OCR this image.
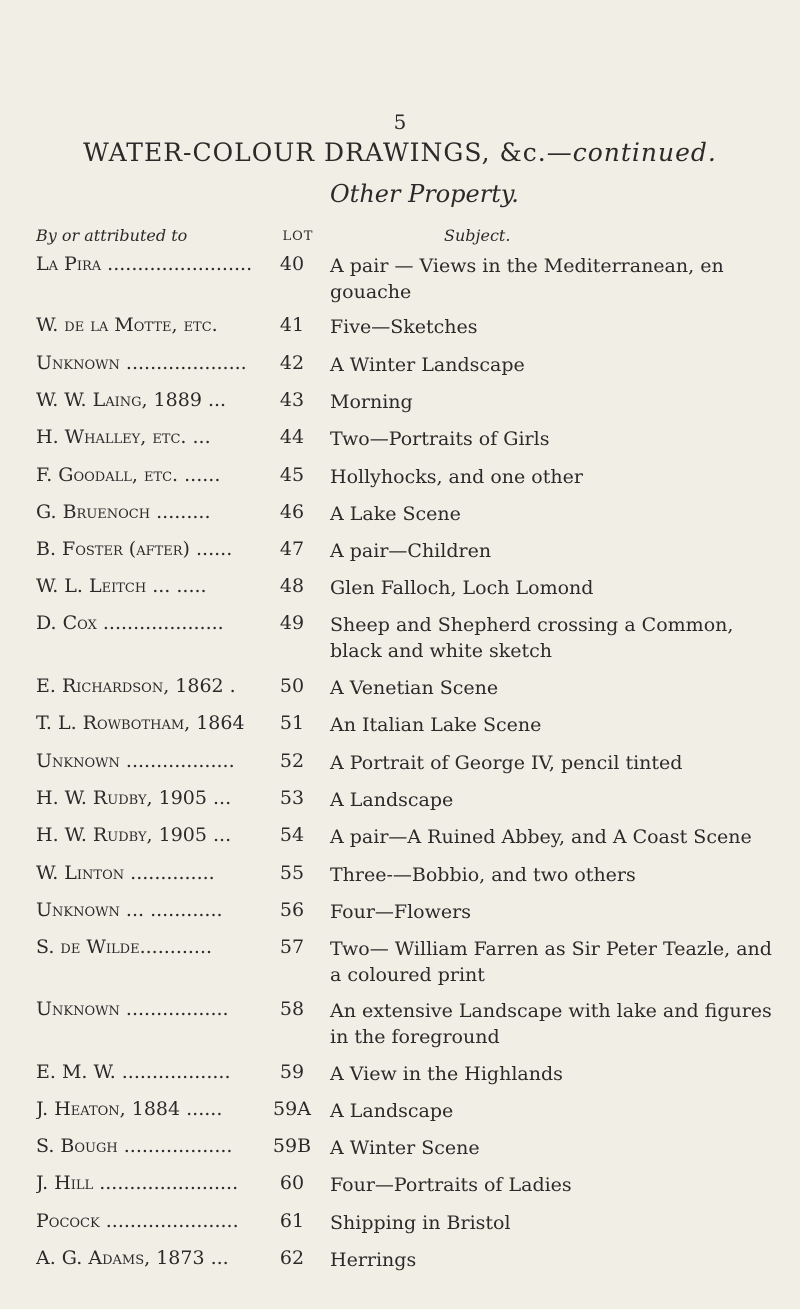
5
WATER-COLOUR DRAWINGS, &c.—continued.
Other Property.
By or attributed to	LOT	Subject.
La Pira ........................	40	A pair — Views in the Mediterranean, en gouache
W. de la Motte, etc.	41	Five—Sketches
Unknown ....................	42	A Winter Landscape
W. W. Laing, 1889 ...	43	Morning
H. Whalley, etc. ...	44	Two—Portraits of Girls
F. Goodall, etc. ......	45	Hollyhocks, and one other
G. Bruenoch .........	46	A Lake Scene
B. Foster (after) ......	47	A pair—Children
W. L. Leitch ... .....	48	Glen Falloch, Loch Lomond
D. Cox ....................	49	Sheep and Shepherd crossing a Common, black and white sketch
E. Richardson, 1862 .	50	A Venetian Scene
T. L. Rowbotham, 1864	51	An Italian Lake Scene
Unknown ..................	52	A Portrait of George IV, pencil tinted
H. W. Rudby, 1905 ...	53	A Landscape
H. W. Rudby, 1905 ...	54	A pair—A Ruined Abbey, and A Coast Scene
W. Linton ..............	55	Three-—Bobbio, and two others
Unknown ... ............	56	Four—Flowers
S. de Wilde............	57	Two— William Farren as Sir Peter Teazle, and a coloured print
Unknown .................	58	An extensive Landscape with lake and figures in the foreground
E. M. W. ..................	59	A View in the Highlands
J. Heaton, 1884 ......	59A A Landscape
S. Bough ..................	59B A Winter Scene
J. Hill .......................	60	Four—Portraits of Ladies
Pocock ......................	61	Shipping in Bristol
A. G. Adams, 1873 ...	62	Herrings
